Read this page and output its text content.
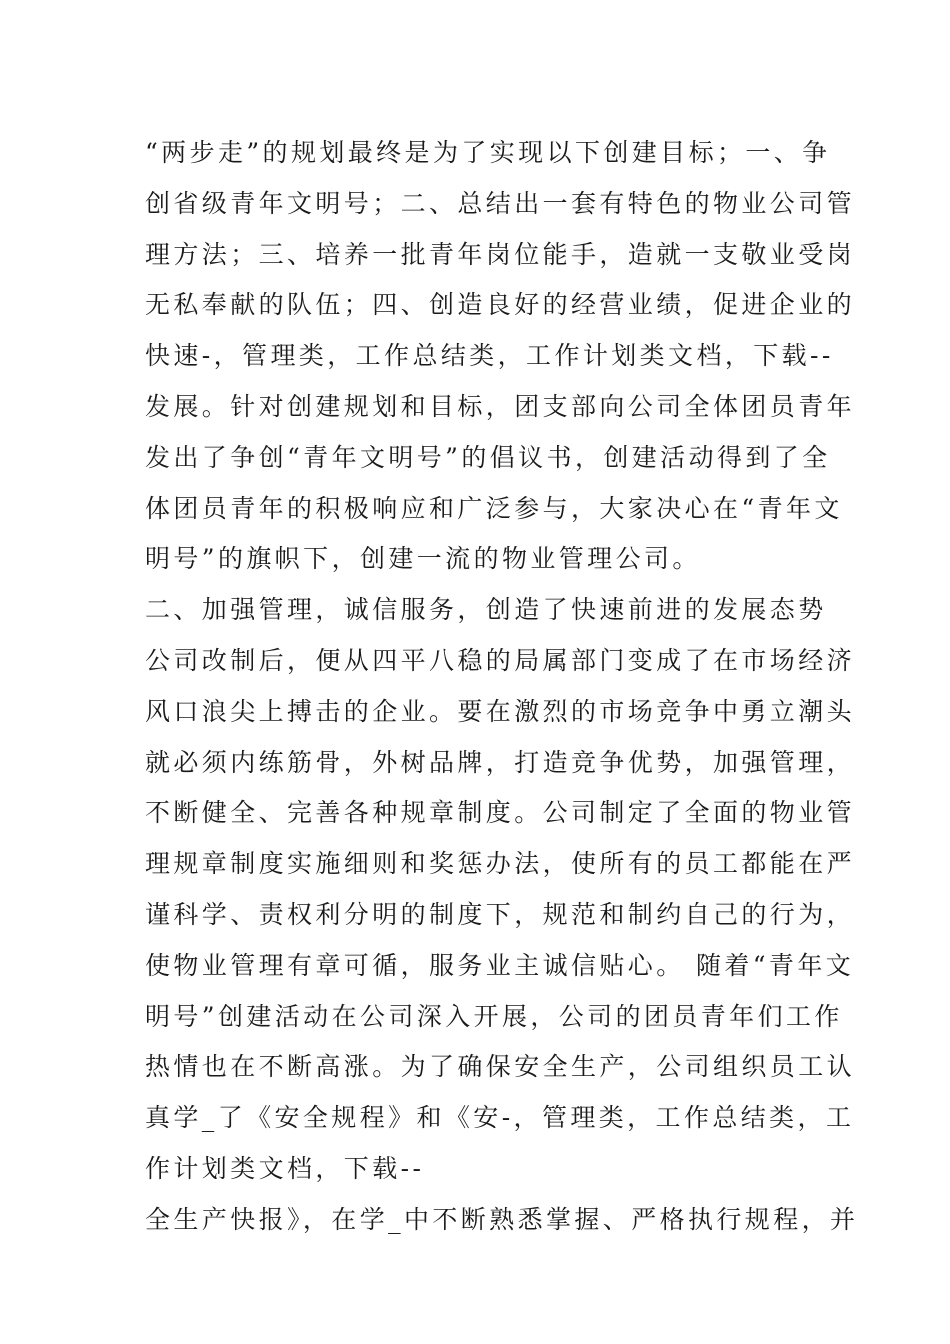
“两步走”的规划最终是为了实现以下创建目标；一、争
创省级青年文明号；二、总结出一套有特色的物业公司管
理方法；三、培养一批青年岗位能手，造就一支敬业受岗
无私奉献的队伍；四、创造良好的经营业绩，促进企业的
快速-，管理类，工作总结类，工作计划类文档，下载--
发展。针对创建规划和目标，团支部向公司全体团员青年
发出了争创“青年文明号”的倡议书，创建活动得到了全
体团员青年的积极响应和广泛参与，大家决心在“青年文
明号”的旗帜下，创建一流的物业管理公司。
二、加强管理，诚信服务，创造了快速前进的发展态势
公司改制后，便从四平八稳的局属部门变成了在市场经济
风口浪尖上搏击的企业。要在激烈的市场竞争中勇立潮头
就必须内练筋骨，外树品牌，打造竞争优势，加强管理，
不断健全、完善各种规章制度。公司制定了全面的物业管
理规章制度实施细则和奖惩办法，使所有的员工都能在严
谨科学、责权利分明的制度下，规范和制约自己的行为，
使物业管理有章可循，服务业主诚信贴心。 随着“青年文
明号”创建活动在公司深入开展，公司的团员青年们工作
热情也在不断高涨。为了确保安全生产，公司组织员工认
真学_了《安全规程》和《安-，管理类，工作总结类，工
作计划类文档，下载--
全生产快报》，在学_中不断熟悉掌握、严格执行规程，并
